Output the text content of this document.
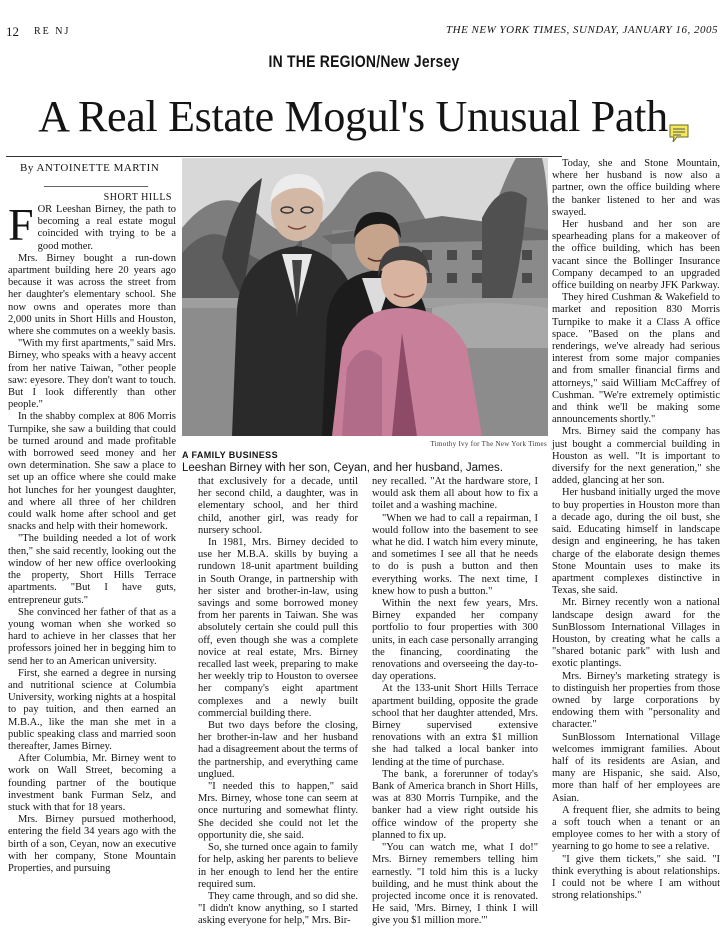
12 RE NJ	THE NEW YORK TIMES, SUNDAY, JANUARY 16, 2005
IN THE REGION/New Jersey
A Real Estate Mogul's Unusual Path
By ANTOINETTE MARTIN
SHORT HILLS

FOR Leeshan Birney, the path to becoming a real estate mogul coincided with trying to be a good mother.

Mrs. Birney bought a run-down apartment building here 20 years ago because it was across the street from her daughter's elementary school. She now owns and operates more than 2,000 units in Short Hills and Houston, where she commutes on a weekly basis.

"With my first apartments," said Mrs. Birney, who speaks with a heavy accent from her native Taiwan, "other people saw: eyesore. They don't want to touch. But I look differently than other people."

In the shabby complex at 806 Morris Turnpike, she saw a building that could be turned around and made profitable with borrowed seed money and her own determination. She saw a place to set up an office where she could make hot lunches for her youngest daughter, and where all three of her children could walk home after school and get snacks and help with their homework.

"The building needed a lot of work then," she said recently, looking out the window of her new office overlooking the property, Short Hills Terrace apartments. "But I have guts, entrepreneur guts."

She convinced her father of that as a young woman when she worked so hard to achieve in her classes that her professors joined her in begging him to send her to an American university.

First, she earned a degree in nursing and nutritional science at Columbia University, working nights at a hospital to pay tuition, and then earned an M.B.A., like the man she met in a public speaking class and married soon thereafter, James Birney.

After Columbia, Mr. Birney went to work on Wall Street, becoming a founding partner of the boutique investment bank Furman Selz, and stuck with that for 18 years.

Mrs. Birney pursued motherhood, entering the field 34 years ago with the birth of a son, Ceyan, now an executive with her company, Stone Mountain Properties, and pursuing

Timothy Ivy for The New York Times
A FAMILY BUSINESS
Leeshan Birney with her son, Ceyan, and her husband, James.

that exclusively for a decade, until her second child, a daughter, was in elementary school, and her third child, another girl, was ready for nursery school.

In 1981, Mrs. Birney decided to use her M.B.A. skills by buying a rundown 18-unit apartment building in South Orange, in partnership with her sister and brother-in-law, using savings and some borrowed money from her parents in Taiwan. She was absolutely certain she could pull this off, even though she was a complete novice at real estate, Mrs. Birney recalled last week, preparing to make her weekly trip to Houston to oversee her company's eight apartment complexes and a newly built commercial building there.

But two days before the closing, her brother-in-law and her husband had a disagreement about the terms of the partnership, and everything came unglued.

"I needed this to happen," said Mrs. Birney, whose tone can seem at once nurturing and somewhat flinty. She decided she could not let the opportunity die, she said.

So, she turned once again to family for help, asking her parents to believe in her enough to lend her the entire required sum.

They came through, and so did she. "I didn't know anything, so I started asking everyone for help," Mrs. Bir-

ney recalled. "At the hardware store, I would ask them all about how to fix a toilet and a washing machine.

"When we had to call a repairman, I would follow into the basement to see what he did. I watch him every minute, and sometimes I see all that he needs to do is push a button and then everything works. The next time, I knew how to push a button."

Within the next few years, Mrs. Birney expanded her company portfolio to four properties with 300 units, in each case personally arranging the financing, coordinating the renovations and overseeing the day-to-day operations.

At the 133-unit Short Hills Terrace apartment building, opposite the grade school that her daughter attended, Mrs. Birney supervised extensive renovations with an extra $1 million she had talked a local banker into lending at the time of purchase.

The bank, a forerunner of today's Bank of America branch in Short Hills, was at 830 Morris Turnpike, and the banker had a view right outside his office window of the property she planned to fix up.

"You can watch me, what I do!" Mrs. Birney remembers telling him earnestly. "I told him this is a lucky building, and he must think about the projected income once it is renovated. He said, 'Mrs. Birney, I think I will give you $1 million more.'"

Today, she and Stone Mountain, where her husband is now also a partner, own the office building where the banker listened to her and was swayed.

Her husband and her son are spearheading plans for a makeover of the office building, which has been vacant since the Bollinger Insurance Company decamped to an upgraded office building on nearby JFK Parkway.

They hired Cushman & Wakefield to market and reposition 830 Morris Turnpike to make it a Class A office space. "Based on the plans and renderings, we've already had serious interest from some major companies and from smaller financial firms and attorneys," said William McCaffrey of Cushman. "We're extremely optimistic and think we'll be making some announcements shortly."

Mrs. Birney said the company has just bought a commercial building in Houston as well. "It is important to diversify for the next generation," she added, glancing at her son.

Her husband initially urged the move to buy properties in Houston more than a decade ago, during the oil bust, she said. Educating himself in landscape design and engineering, he has taken charge of the elaborate design themes Stone Mountain uses to make its apartment complexes distinctive in Texas, she said.

Mr. Birney recently won a national landscape design award for the SunBlossom International Villages in Houston, by creating what he calls a "shared botanic park" with lush and exotic plantings.

Mrs. Birney's marketing strategy is to distinguish her properties from those owned by large corporations by endowing them with "personality and character."

SunBlossom International Village welcomes immigrant families. About half of its residents are Asian, and many are Hispanic, she said. Also, more than half of her employees are Asian.

A frequent flier, she admits to being a soft touch when a tenant or an employee comes to her with a story of yearning to go home to see a relative.

"I give them tickets," she said. "I think everything is about relationships. I could not be where I am without strong relationships."
